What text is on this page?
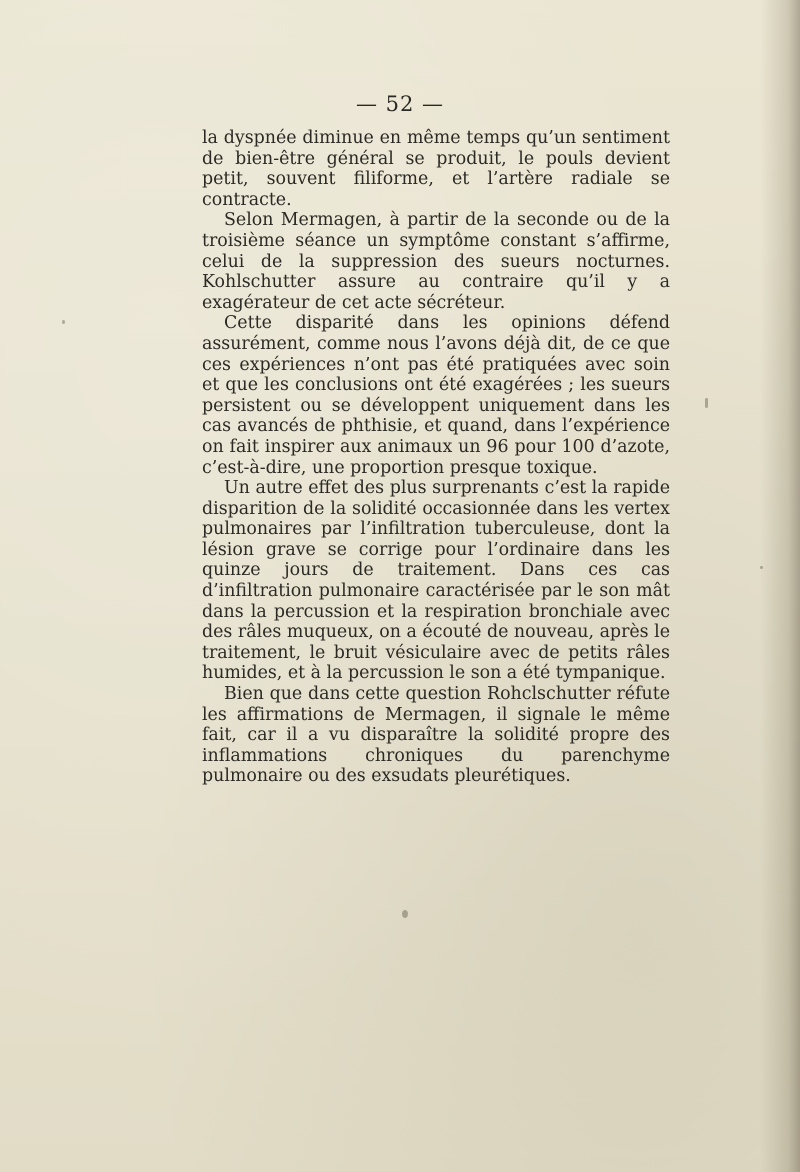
— 52 —

la dyspnée diminue en même temps qu’un sentiment de bien-être général se produit, le pouls devient petit, souvent filiforme, et l’artère radiale se contracte.

Selon Mermagen, à partir de la seconde ou de la troisième séance un symptôme constant s’affirme, celui de la suppression des sueurs nocturnes. Kohlschutter assure au contraire qu’il y a exagérateur de cet acte sécréteur.

Cette disparité dans les opinions défend assurément, comme nous l’avons déjà dit, de ce que ces expériences n’ont pas été pratiquées avec soin et que les conclusions ont été exagérées ; les sueurs persistent ou se développent uniquement dans les cas avancés de phthisie, et quand, dans l’expérience on fait inspirer aux animaux un 96 pour 100 d’azote, c’est-à-dire, une proportion presque toxique.

Un autre effet des plus surprenants c’est la rapide disparition de la solidité occasionnée dans les vertex pulmonaires par l’infiltration tuberculeuse, dont la lésion grave se corrige pour l’ordinaire dans les quinze jours de traitement. Dans ces cas d’infiltration pulmonaire caractérisée par le son mât dans la percussion et la respiration bronchiale avec des râles muqueux, on a écouté de nouveau, après le traitement, le bruit vésiculaire avec de petits râles humides, et à la percussion le son a été tympanique.

Bien que dans cette question Rohclschutter réfute les affirmations de Mermagen, il signale le même fait, car il a vu disparaître la solidité propre des inflammations chroniques du parenchyme pulmonaire ou des exsudats pleurétiques.
